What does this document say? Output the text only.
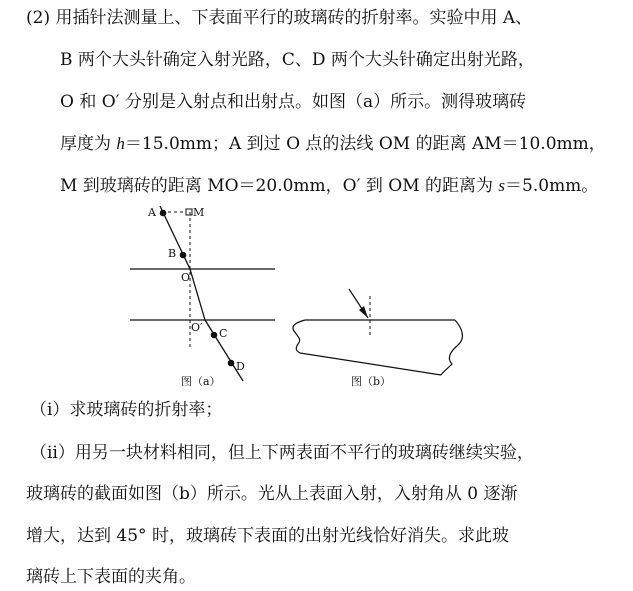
(2) 用插针法测量上、下表面平行的玻璃砖的折射率。实验中用 A、
B 两个大头针确定入射光路，C、D 两个大头针确定出射光路，
O 和 O′ 分别是入射点和出射点。如图（a）所示。测得玻璃砖
厚度为 h＝15.0mm；A 到过 O 点的法线 OM 的距离 AM＝10.0mm，
M 到玻璃砖的距离 MO＝20.0mm，O′ 到 OM 的距离为 s＝5.0mm。
A	M
B
O
O′ C
D
图（a）	图（b）
（ⅰ）求玻璃砖的折射率；
（ⅱ）用另一块材料相同，但上下两表面不平行的玻璃砖继续实验，
玻璃砖的截面如图（b）所示。光从上表面入射，入射角从 0 逐渐
增大，达到 45° 时，玻璃砖下表面的出射光线恰好消失。求此玻
璃砖上下表面的夹角。
